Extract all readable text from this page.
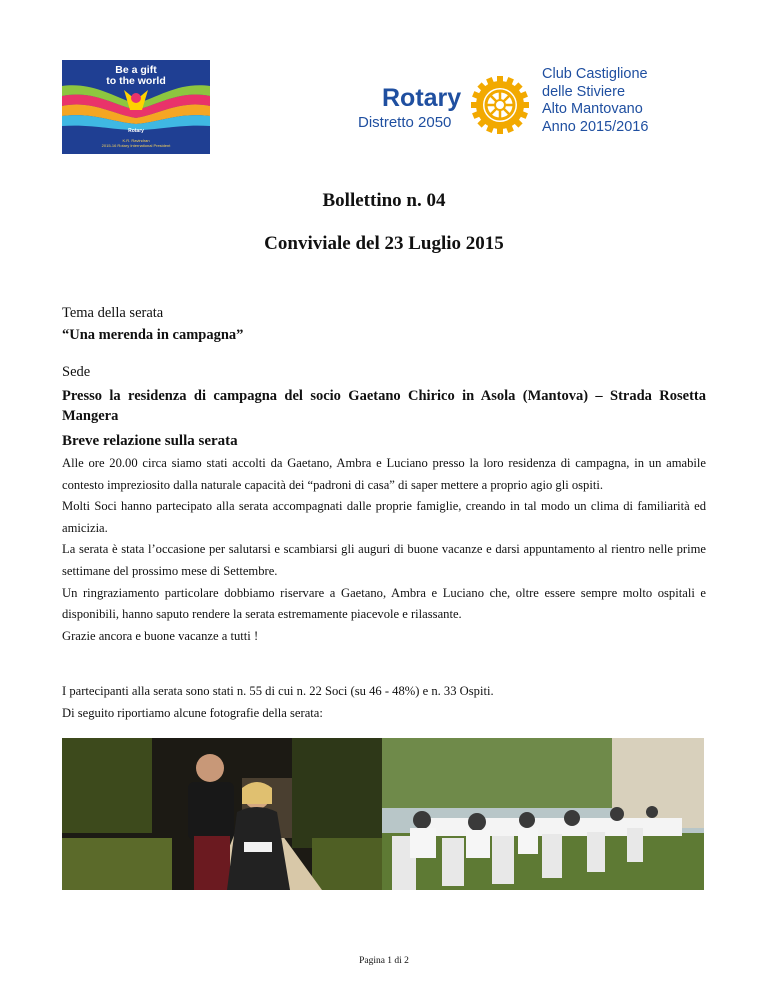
Be a gift
to the world
Rotary
K.R. Ravindran
2015-16 Rotary International President
Rotary
Distretto 2050
Club Castiglione
delle Stiviere
Alto Mantovano
Anno 2015/2016
Bollettino n. 04
Conviviale del 23 Luglio 2015
Tema della serata
“Una merenda in campagna”
Sede
Presso la residenza di campagna del socio Gaetano Chirico in Asola (Mantova) – Strada Rosetta Mangera
Breve relazione sulla serata

Alle ore 20.00 circa siamo stati accolti da Gaetano, Ambra e Luciano presso la loro residenza di campagna, in un amabile contesto impreziosito dalla naturale capacità dei “padroni di casa” di saper mettere a proprio agio gli ospiti.

Molti Soci hanno partecipato alla serata accompagnati dalle proprie famiglie, creando in tal modo un clima di familiarità ed amicizia.

La serata è stata l’occasione per salutarsi e scambiarsi gli auguri di buone vacanze e darsi appuntamento al rientro nelle prime settimane del prossimo mese di Settembre.

Un ringraziamento particolare dobbiamo riservare a Gaetano, Ambra e Luciano che, oltre essere sempre molto ospitali e disponibili, hanno saputo rendere la serata estremamente piacevole e rilassante.

Grazie ancora e buone vacanze a tutti !

I partecipanti alla serata sono stati n. 55 di cui n. 22 Soci (su 46 - 48%) e n. 33 Ospiti.

Di seguito riportiamo alcune fotografie della serata:

Pagina 1 di 2
